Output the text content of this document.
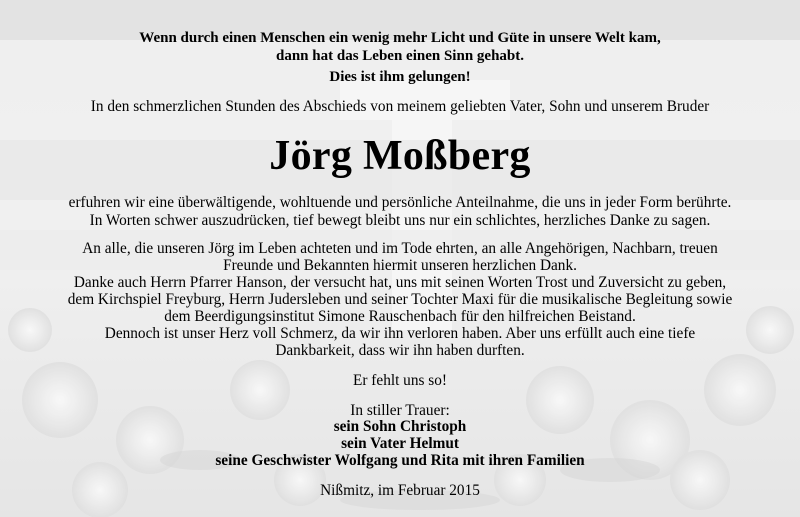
Wenn durch einen Menschen ein wenig mehr Licht und Güte in unsere Welt kam,
dann hat das Leben einen Sinn gehabt.
Dies ist ihm gelungen!
In den schmerzlichen Stunden des Abschieds von meinem geliebten Vater, Sohn und unserem Bruder
Jörg Moßberg
erfuhren wir eine überwältigende, wohltuende und persönliche Anteilnahme, die uns in jeder Form berührte.
In Worten schwer auszudrücken, tief bewegt bleibt uns nur ein schlichtes, herzliches Danke zu sagen.
An alle, die unseren Jörg im Leben achteten und im Tode ehrten, an alle Angehörigen, Nachbarn, treuen
Freunde und Bekannten hiermit unseren herzlichen Dank.
Danke auch Herrn Pfarrer Hanson, der versucht hat, uns mit seinen Worten Trost und Zuversicht zu geben,
dem Kirchspiel Freyburg, Herrn Judersleben und seiner Tochter Maxi für die musikalische Begleitung sowie
dem Beerdigungsinstitut Simone Rauschenbach für den hilfreichen Beistand.
Dennoch ist unser Herz voll Schmerz, da wir ihn verloren haben. Aber uns erfüllt auch eine tiefe
Dankbarkeit, dass wir ihn haben durften.
Er fehlt uns so!
In stiller Trauer:
sein Sohn Christoph
sein Vater Helmut
seine Geschwister Wolfgang und Rita mit ihren Familien
Nißmitz, im Februar 2015
